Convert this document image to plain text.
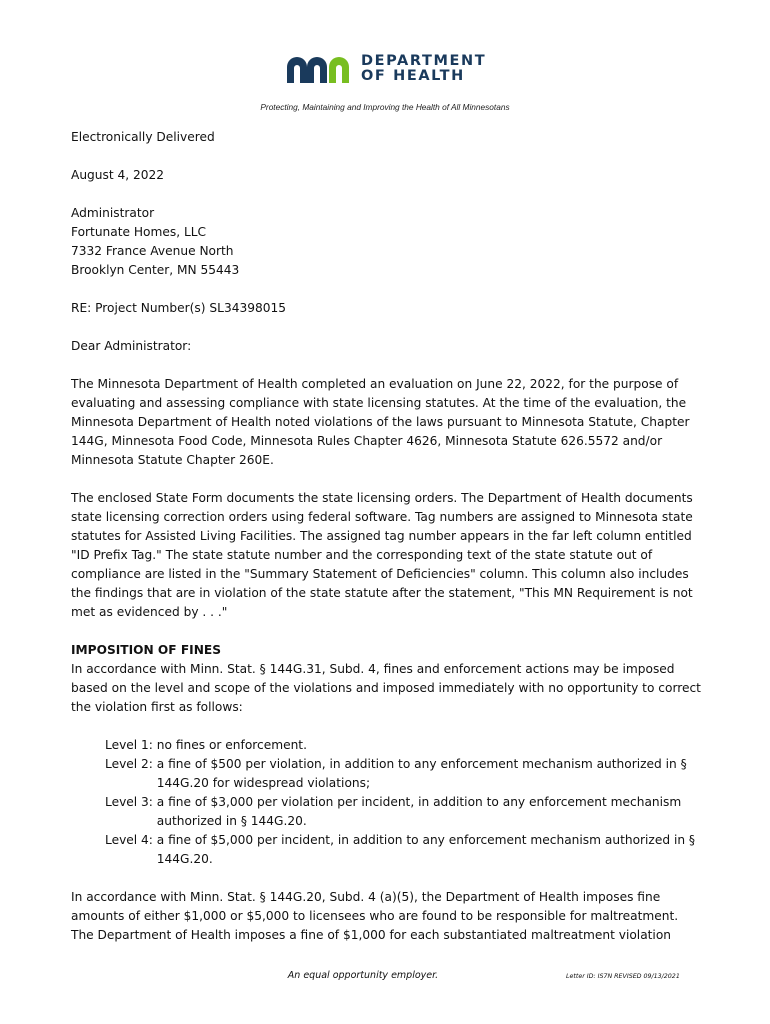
DEPARTMENT
OF HEALTH
Protecting, Maintaining and Improving the Health of All Minnesotans

Electronically Delivered

August 4, 2022

Administrator
Fortunate Homes, LLC
7332 France Avenue North
Brooklyn Center, MN 55443

RE: Project Number(s) SL34398015

Dear Administrator:

The Minnesota Department of Health completed an evaluation on June 22, 2022, for the purpose of evaluating and assessing compliance with state licensing statutes. At the time of the evaluation, the Minnesota Department of Health noted violations of the laws pursuant to Minnesota Statute, Chapter 144G, Minnesota Food Code, Minnesota Rules Chapter 4626, Minnesota Statute 626.5572 and/or Minnesota Statute Chapter 260E.

The enclosed State Form documents the state licensing orders. The Department of Health documents state licensing correction orders using federal software. Tag numbers are assigned to Minnesota state statutes for Assisted Living Facilities. The assigned tag number appears in the far left column entitled "ID Prefix Tag." The state statute number and the corresponding text of the state statute out of compliance are listed in the "Summary Statement of Deficiencies" column. This column also includes the findings that are in violation of the state statute after the statement, "This MN Requirement is not met as evidenced by . . ."

IMPOSITION OF FINES

In accordance with Minn. Stat. § 144G.31, Subd. 4, fines and enforcement actions may be imposed based on the level and scope of the violations and imposed immediately with no opportunity to correct the violation first as follows:

Level 1: no fines or enforcement.
Level 2: a fine of $500 per violation, in addition to any enforcement mechanism authorized in § 144G.20 for widespread violations;
Level 3: a fine of $3,000 per violation per incident, in addition to any enforcement mechanism authorized in § 144G.20.
Level 4: a fine of $5,000 per incident, in addition to any enforcement mechanism authorized in § 144G.20.

In accordance with Minn. Stat. § 144G.20, Subd. 4 (a)(5), the Department of Health imposes fine amounts of either $1,000 or $5,000 to licensees who are found to be responsible for maltreatment. The Department of Health imposes a fine of $1,000 for each substantiated maltreatment violation

An equal opportunity employer.	Letter ID: IS7N REVISED 09/13/2021
